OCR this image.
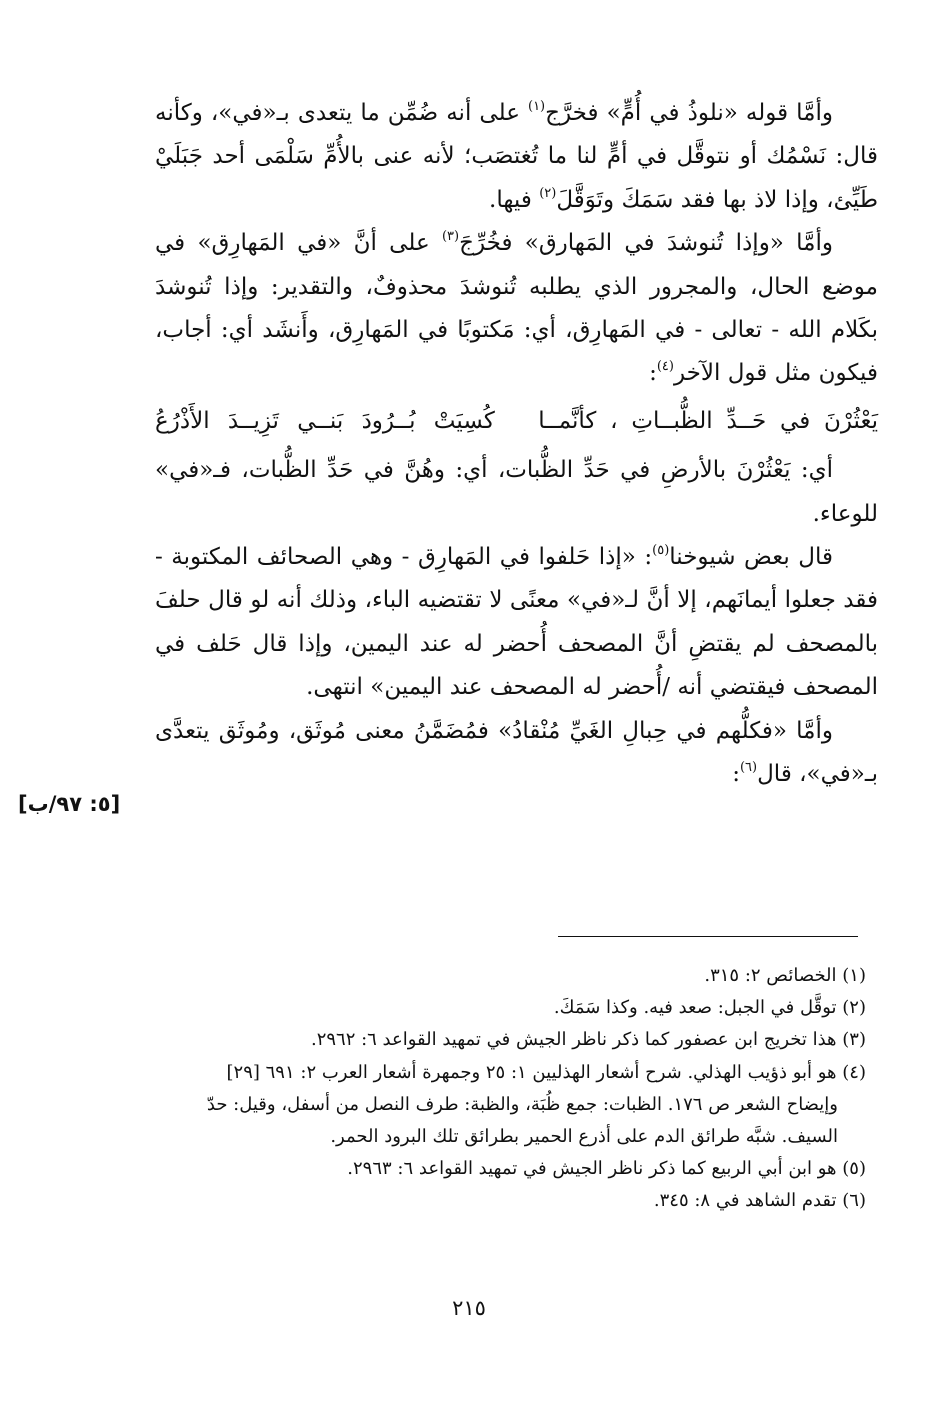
وأمَّا قوله «نلوذُ في أُمٍّ» فخرَّج$^{(١)}$ على أنه ضُمِّن ما يتعدى بـ«في»، وكأنه قال: نَسْمُك أو نتوقَّل في أمٍّ لنا ما تُغتصَب؛ لأنه عنى بالأُمِّ سَلْمَى أحد جَبَلَيْ طَيِّئ، وإذا لاذ بها فقد سَمَكَ وتَوَقَّلَ$^{(٢)}$ فيها.

وأمَّا «وإذا تُنوشدَ في المَهارق» فخُرِّجَ$^{(٣)}$ على أنَّ «في المَهارِق» في موضع الحال، والمجرور الذي يطلبه تُنوشدَ محذوفٌ، والتقدير: وإذا تُنوشدَ بكَلام الله - تعالى - في المَهارِق، أي: مَكتوبًا في المَهارِق، وأَنشَد أي: أجاب، فيكون مثل قول الآخر$^{(٤)}$:

يَعْثُرْنَ في حَــدِّ الظُّبــاتِ ، كأنَّمــا
كُسِيَتْ بُــرُودَ بَنــي تَزِيــدَ الأَذْرُعُ

أي: يَعْثُرْنَ بالأرضِ في حَدِّ الظُّبات، أي: وهُنَّ في حَدِّ الظُّبات، فـ«في» للوعاء.

قال بعض شيوخنا$^{(٥)}$: «إذا حَلفوا في المَهارِق - وهي الصحائف المكتوبة - فقد جعلوا أيمانَهم، إلا أنَّ لـ«في» معنًى لا تقتضيه الباء، وذلك أنه لو قال حلفَ بالمصحف لم يقتضِ أنَّ المصحف أُحضر له عند اليمين، وإذا قال حَلف في المصحف فيقتضي أنه /أُحضر له المصحف عند اليمين» انتهى.

وأمَّا «فكلُّهم في حِبالِ الغَيِّ مُنْقادُ» فمُضَمَّنُ معنى مُوثَق، ومُوثَق يتعدَّى بـ«في»، قال$^{(٦)}$:

[٥: ٩٧/ب]

(١) الخصائص ٢: ٣١٥.

(٢) توقَّل في الجبل: صعد فيه. وكذا سَمَكَ.

(٣) هذا تخريج ابن عصفور كما ذكر ناظر الجيش في تمهيد القواعد ٦: ٢٩٦٢.

(٤) هو أبو ذؤيب الهذلي. شرح أشعار الهذليين ١: ٢٥ وجمهرة أشعار العرب ٢: ٦٩١ [٢٩]

وإيضاح الشعر ص ١٧٦. الظبات: جمع ظُبَة، والظبة: طرف النصل من أسفل، وقيل: حدّ

السيف. شبَّه طرائق الدم على أذرع الحمير بطرائق تلك البرود الحمر.

(٥) هو ابن أبي الربيع كما ذكر ناظر الجيش في تمهيد القواعد ٦: ٢٩٦٣.

(٦) تقدم الشاهد في ٨: ٣٤٥.

٢١٥
